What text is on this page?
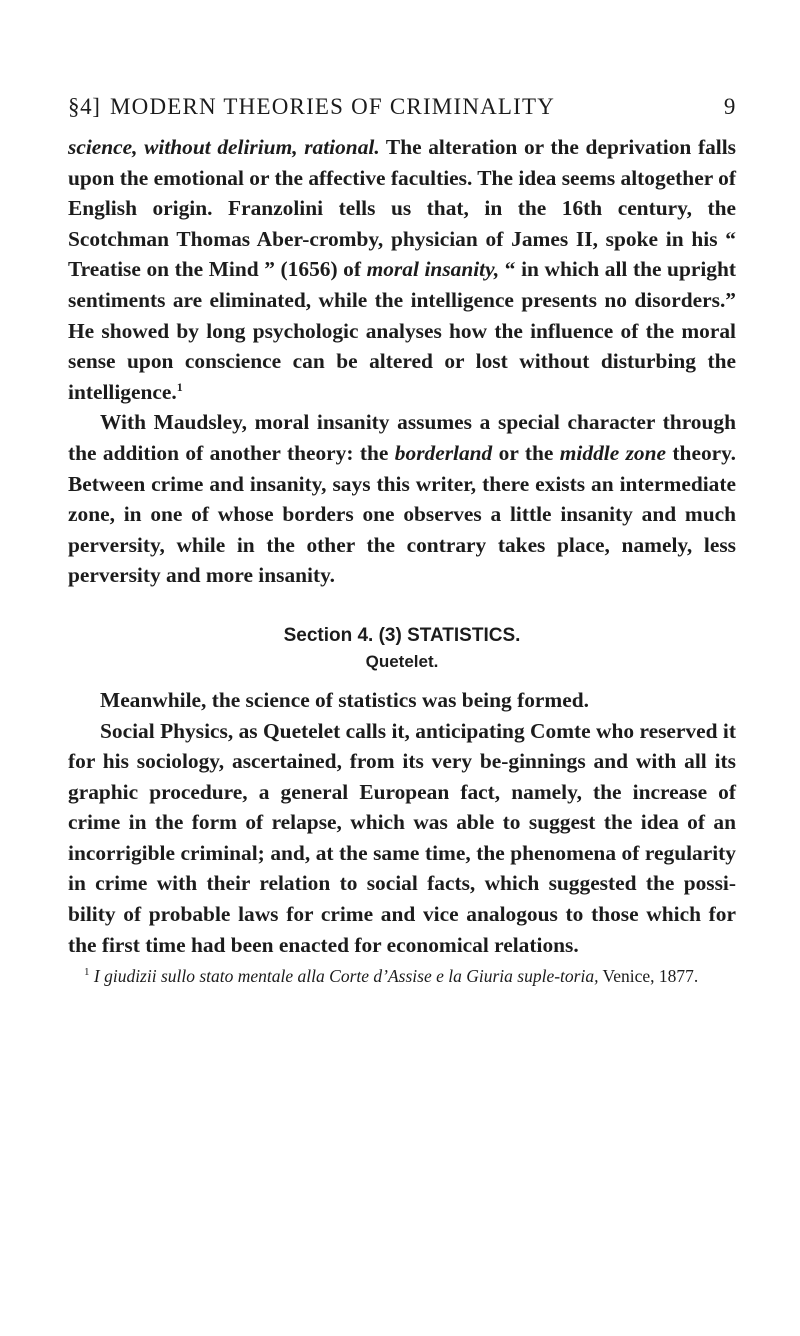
§4] MODERN THEORIES OF CRIMINALITY	9

science, without delirium, rational. The alteration or the deprivation falls upon the emotional or the affective faculties. The idea seems altogether of English origin. Franzolini tells us that, in the 16th century, the Scotchman Thomas Aber-cromby, physician of James II, spoke in his “ Treatise on the Mind ” (1656) of moral insanity, “ in which all the upright sentiments are eliminated, while the intelligence presents no disorders.” He showed by long psychologic analyses how the influence of the moral sense upon conscience can be altered or lost without disturbing the intelligence.$^1$

With Maudsley, moral insanity assumes a special character through the addition of another theory: the borderland or the middle zone theory. Between crime and insanity, says this writer, there exists an intermediate zone, in one of whose borders one observes a little insanity and much perversity, while in the other the contrary takes place, namely, less perversity and more insanity.

Section 4. (3) STATISTICS.
Quetelet.

Meanwhile, the science of statistics was being formed.

Social Physics, as Quetelet calls it, anticipating Comte who reserved it for his sociology, ascertained, from its very be-ginnings and with all its graphic procedure, a general European fact, namely, the increase of crime in the form of relapse, which was able to suggest the idea of an incorrigible criminal; and, at the same time, the phenomena of regularity in crime with their relation to social facts, which suggested the possi-bility of probable laws for crime and vice analogous to those which for the first time had been enacted for economical relations.

$^1$ I giudizii sullo stato mentale alla Corte d’Assise e la Giuria suple-toria, Venice, 1877.
